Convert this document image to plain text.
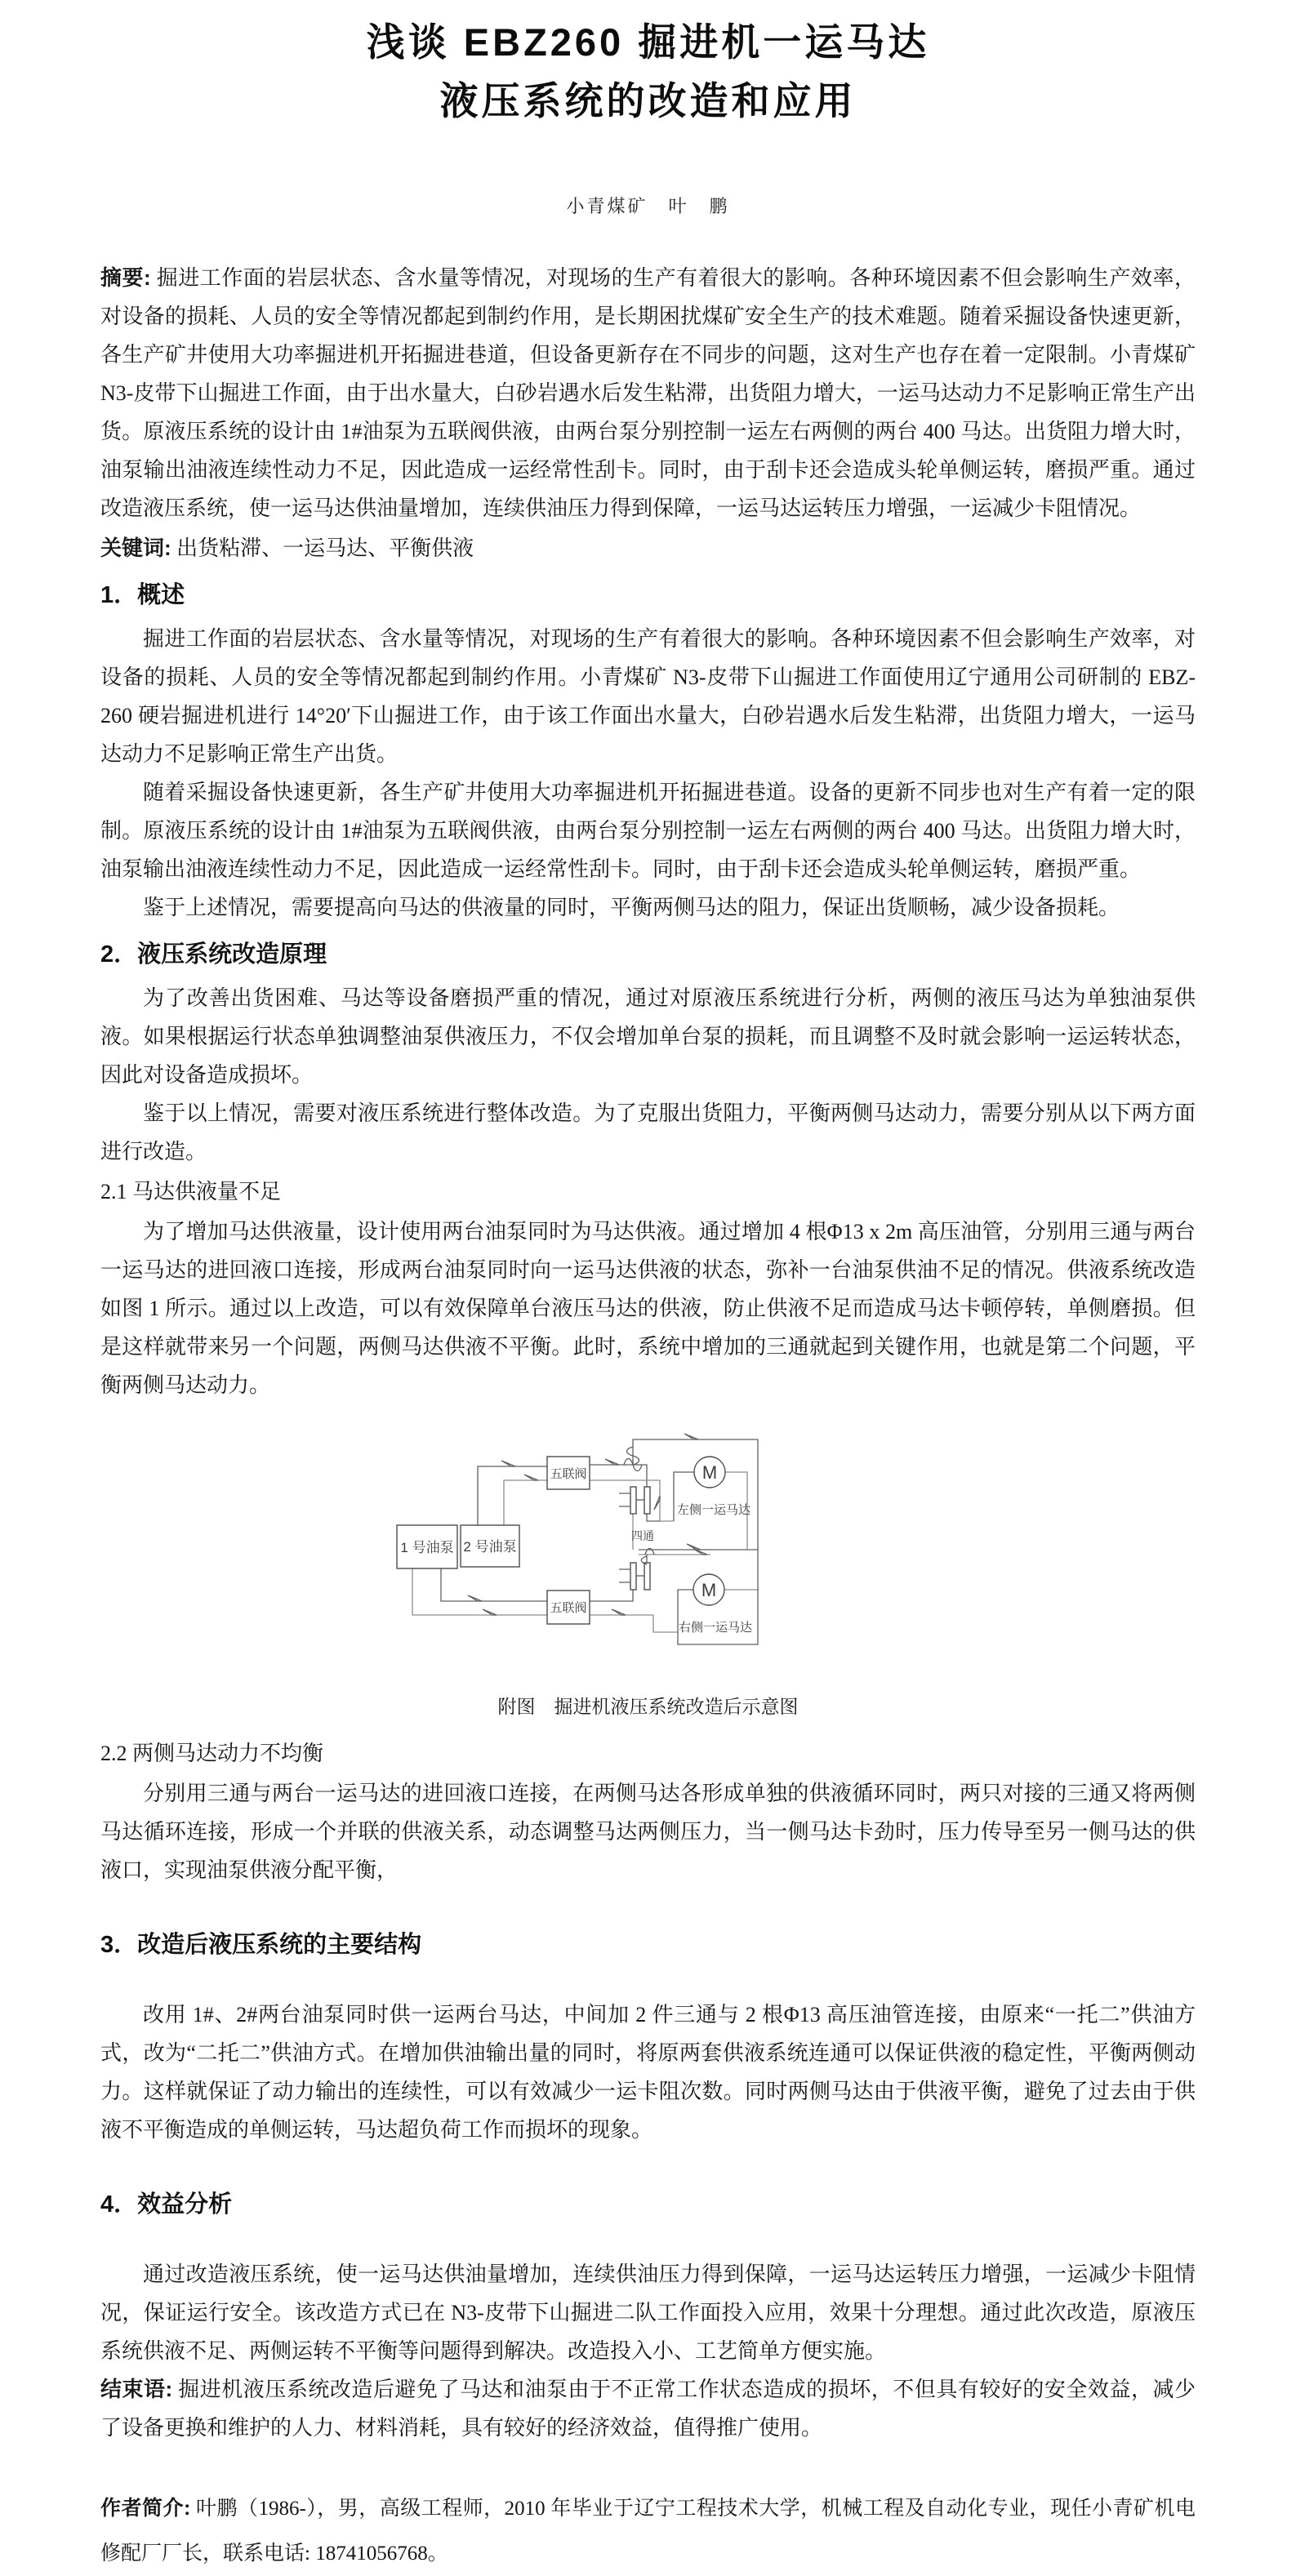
浅谈 EBZ260 掘进机一运马达
液压系统的改造和应用
小青煤矿　叶　鹏
摘要: 掘进工作面的岩层状态、含水量等情况，对现场的生产有着很大的影响。各种环境因素不但会影响生产效率，对设备的损耗、人员的安全等情况都起到制约作用，是长期困扰煤矿安全生产的技术难题。随着采掘设备快速更新，各生产矿井使用大功率掘进机开拓掘进巷道，但设备更新存在不同步的问题，这对生产也存在着一定限制。小青煤矿 N3-皮带下山掘进工作面，由于出水量大，白砂岩遇水后发生粘滞，出货阻力增大，一运马达动力不足影响正常生产出货。原液压系统的设计由 1#油泵为五联阀供液，由两台泵分别控制一运左右两侧的两台 400 马达。出货阻力增大时，油泵输出油液连续性动力不足，因此造成一运经常性刮卡。同时，由于刮卡还会造成头轮单侧运转，磨损严重。通过改造液压系统，使一运马达供油量增加，连续供油压力得到保障，一运马达运转压力增强，一运减少卡阻情况。
关键词: 出货粘滞、一运马达、平衡供液
1．概述

掘进工作面的岩层状态、含水量等情况，对现场的生产有着很大的影响。各种环境因素不但会影响生产效率，对设备的损耗、人员的安全等情况都起到制约作用。小青煤矿 N3-皮带下山掘进工作面使用辽宁通用公司研制的 EBZ-260 硬岩掘进机进行 14°20′下山掘进工作，由于该工作面出水量大，白砂岩遇水后发生粘滞，出货阻力增大，一运马达动力不足影响正常生产出货。

随着采掘设备快速更新，各生产矿井使用大功率掘进机开拓掘进巷道。设备的更新不同步也对生产有着一定的限制。原液压系统的设计由 1#油泵为五联阀供液，由两台泵分别控制一运左右两侧的两台 400 马达。出货阻力增大时，油泵输出油液连续性动力不足，因此造成一运经常性刮卡。同时，由于刮卡还会造成头轮单侧运转，磨损严重。

鉴于上述情况，需要提高向马达的供液量的同时，平衡两侧马达的阻力，保证出货顺畅，减少设备损耗。

2．液压系统改造原理

为了改善出货困难、马达等设备磨损严重的情况，通过对原液压系统进行分析，两侧的液压马达为单独油泵供液。如果根据运行状态单独调整油泵供液压力，不仅会增加单台泵的损耗，而且调整不及时就会影响一运运转状态，因此对设备造成损坏。

鉴于以上情况，需要对液压系统进行整体改造。为了克服出货阻力，平衡两侧马达动力，需要分别从以下两方面进行改造。

2.1 马达供液量不足

为了增加马达供液量，设计使用两台油泵同时为马达供液。通过增加 4 根Φ13 x 2m 高压油管，分别用三通与两台一运马达的进回液口连接，形成两台油泵同时向一运马达供液的状态，弥补一台油泵供油不足的情况。供液系统改造如图 1 所示。通过以上改造，可以有效保障单台液压马达的供液，防止供液不足而造成马达卡顿停转，单侧磨损。但是这样就带来另一个问题，两侧马达供液不平衡。此时，系统中增加的三通就起到关键作用，也就是第二个问题，平衡两侧马达动力。

1 号油泵 2 号油泵
五联阀
五联阀
四通
M
左侧一运马达
M
右侧一运马达
附图　掘进机液压系统改造后示意图
2.2 两侧马达动力不均衡

分别用三通与两台一运马达的进回液口连接，在两侧马达各形成单独的供液循环同时，两只对接的三通又将两侧马达循环连接，形成一个并联的供液关系，动态调整马达两侧压力，当一侧马达卡劲时，压力传导至另一侧马达的供液口，实现油泵供液分配平衡，

3．改造后液压系统的主要结构

改用 1#、2#两台油泵同时供一运两台马达，中间加 2 件三通与 2 根Φ13 高压油管连接，由原来“一托二”供油方式，改为“二托二”供油方式。在增加供油输出量的同时，将原两套供液系统连通可以保证供液的稳定性，平衡两侧动力。这样就保证了动力输出的连续性，可以有效减少一运卡阻次数。同时两侧马达由于供液平衡，避免了过去由于供液不平衡造成的单侧运转，马达超负荷工作而损坏的现象。

4．效益分析

通过改造液压系统，使一运马达供油量增加，连续供油压力得到保障，一运马达运转压力增强，一运减少卡阻情况，保证运行安全。该改造方式已在 N3-皮带下山掘进二队工作面投入应用，效果十分理想。通过此次改造，原液压系统供液不足、两侧运转不平衡等问题得到解决。改造投入小、工艺简单方便实施。

结束语: 掘进机液压系统改造后避免了马达和油泵由于不正常工作状态造成的损坏，不但具有较好的安全效益，减少了设备更换和维护的人力、材料消耗，具有较好的经济效益，值得推广使用。

作者简介: 叶鹏（1986-），男，高级工程师，2010 年毕业于辽宁工程技术大学，机械工程及自动化专业，现任小青矿机电修配厂厂长，联系电话: 18741056768。
